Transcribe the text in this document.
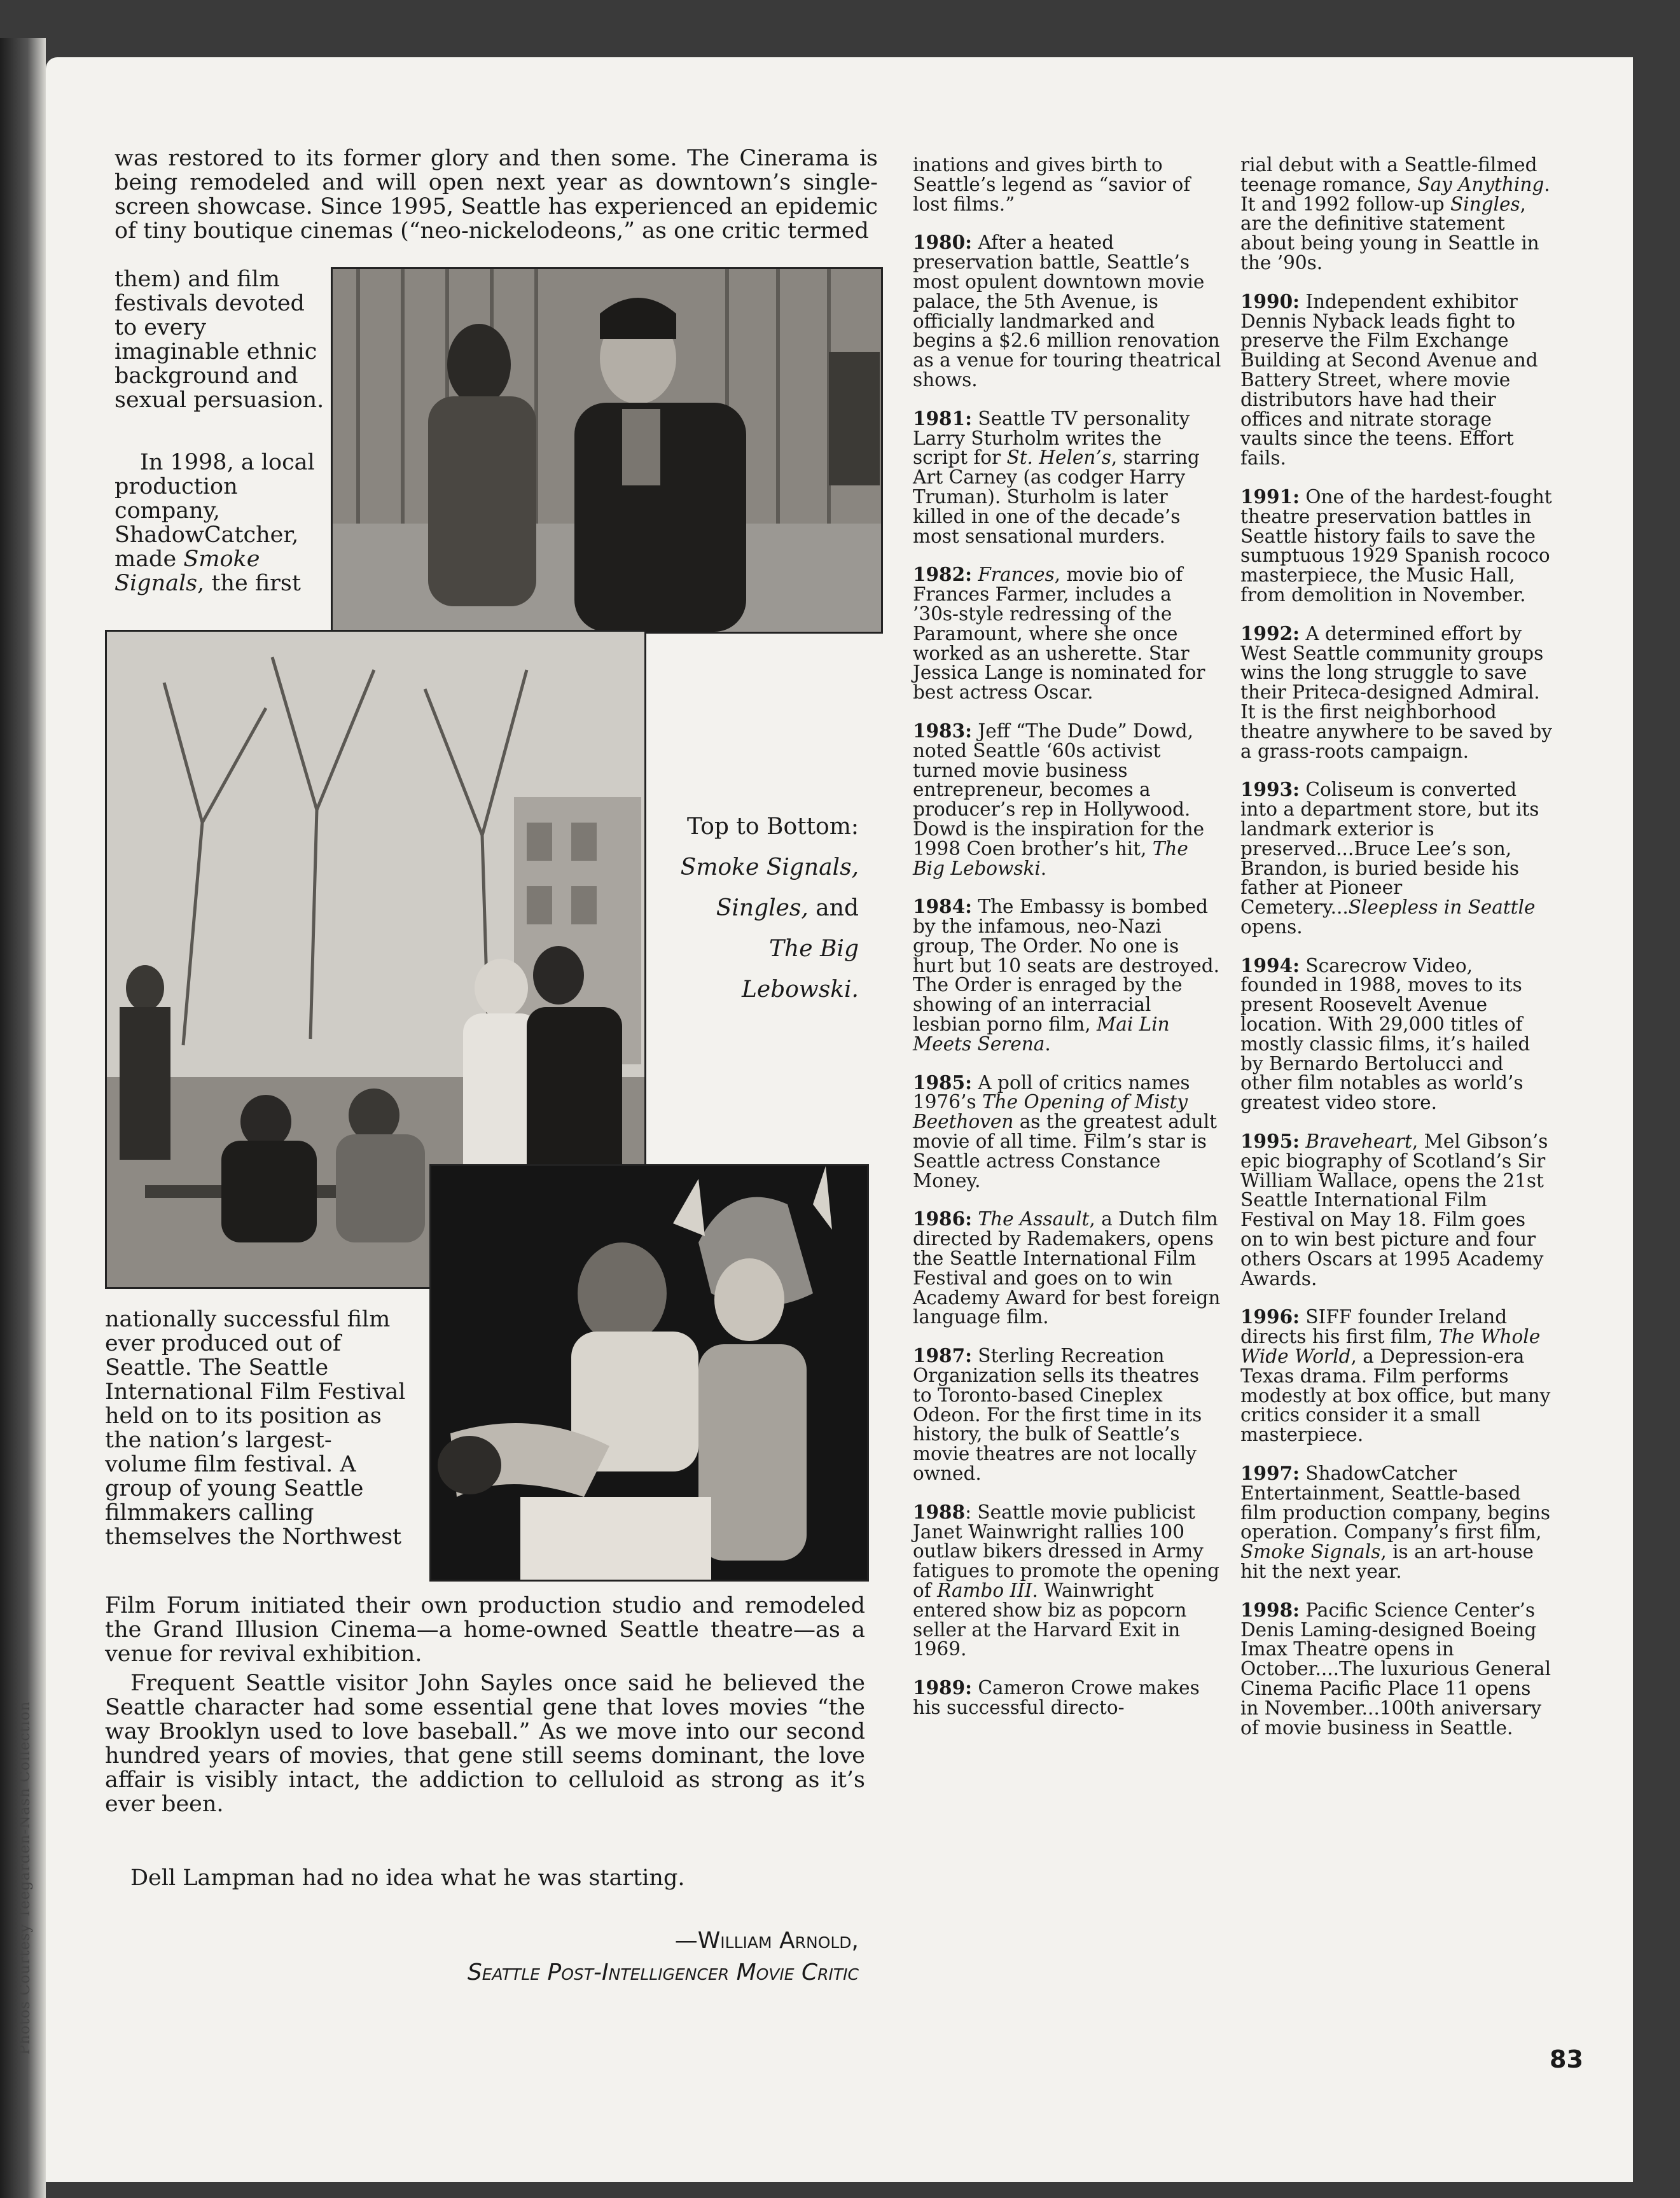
was restored to its former glory and then some. The Cinerama is being remodeled and will open next year as downtown’s single-screen showcase. Since 1995, Seattle has experienced an epidemic of tiny boutique cinemas (“neo-nickelodeons,” as one critic termed
them) and film festivals devoted to every imaginable ethnic background and sexual persuasion.

In 1998, a local production company, ShadowCatcher, made Smoke Signals, the first

Top to Bottom:
Smoke Signals,
Singles, and
The Big
Lebowski.
nationally successful film ever produced out of Seattle. The Seattle International Film Festival held on to its position as the nation’s largest-volume film festival. A group of young Seattle filmmakers calling themselves the Northwest
Film Forum initiated their own production studio and remodeled the Grand Illusion Cinema—a home-owned Seattle theatre—as a venue for revival exhibition.

Frequent Seattle visitor John Sayles once said he believed the Seattle character had some essential gene that loves movies “the way Brooklyn used to love baseball.” As we move into our second hundred years of movies, that gene still seems dominant, the love affair is visibly intact, the addiction to celluloid as strong as it’s ever been.

Dell Lampman had no idea what he was starting.

—William Arnold,
Seattle Post-Intelligencer Movie Critic

inations and gives birth to Seattle’s legend as “savior of lost films.”

1980: After a heated preservation battle, Seattle’s most opulent downtown movie palace, the 5th Avenue, is officially landmarked and begins a $2.6 million renovation as a venue for touring theatrical shows.

1981: Seattle TV personality Larry Sturholm writes the script for St. Helen’s, starring Art Carney (as codger Harry Truman). Sturholm is later killed in one of the decade’s most sensational murders.

1982: Frances, movie bio of Frances Farmer, includes a ’30s-style redressing of the Paramount, where she once worked as an usherette. Star Jessica Lange is nominated for best actress Oscar.

1983: Jeff “The Dude” Dowd, noted Seattle ‘60s activist turned movie business entrepreneur, becomes a producer’s rep in Hollywood. Dowd is the inspiration for the 1998 Coen brother’s hit, The Big Lebowski.

1984: The Embassy is bombed by the infamous, neo-Nazi group, The Order. No one is hurt but 10 seats are destroyed. The Order is enraged by the showing of an interracial lesbian porno film, Mai Lin Meets Serena.

1985: A poll of critics names 1976’s The Opening of Misty Beethoven as the greatest adult movie of all time. Film’s star is Seattle actress Constance Money.

1986: The Assault, a Dutch film directed by Rademakers, opens the Seattle International Film Festival and goes on to win Academy Award for best foreign language film.

1987: Sterling Recreation Organization sells its theatres to Toronto-based Cineplex Odeon. For the first time in its history, the bulk of Seattle’s movie theatres are not locally owned.

1988: Seattle movie publicist Janet Wainwright rallies 100 outlaw bikers dressed in Army fatigues to promote the opening of Rambo III. Wainwright entered show biz as popcorn seller at the Harvard Exit in 1969.

1989: Cameron Crowe makes his successful directo-

rial debut with a Seattle-filmed teenage romance, Say Anything. It and 1992 follow-up Singles, are the definitive statement about being young in Seattle in the ’90s.

1990: Independent exhibitor Dennis Nyback leads fight to preserve the Film Exchange Building at Second Avenue and Battery Street, where movie distributors have had their offices and nitrate storage vaults since the teens. Effort fails.

1991: One of the hardest-fought theatre preservation battles in Seattle history fails to save the sumptuous 1929 Spanish rococo masterpiece, the Music Hall, from demolition in November.

1992: A determined effort by West Seattle community groups wins the long struggle to save their Priteca-designed Admiral. It is the first neighborhood theatre anywhere to be saved by a grass-roots campaign.

1993: Coliseum is converted into a department store, but its landmark exterior is preserved...Bruce Lee’s son, Brandon, is buried beside his father at Pioneer Cemetery...Sleepless in Seattle opens.

1994: Scarecrow Video, founded in 1988, moves to its present Roosevelt Avenue location. With 29,000 titles of mostly classic films, it’s hailed by Bernardo Bertolucci and other film notables as world’s greatest video store.

1995: Braveheart, Mel Gibson’s epic biography of Scotland’s Sir William Wallace, opens the 21st Seattle International Film Festival on May 18. Film goes on to win best picture and four others Oscars at 1995 Academy Awards.

1996: SIFF founder Ireland directs his first film, The Whole Wide World, a Depression-era Texas drama. Film performs modestly at box office, but many critics consider it a small masterpiece.

1997: ShadowCatcher Entertainment, Seattle-based film production company, begins operation. Company’s first film, Smoke Signals, is an art-house hit the next year.

1998: Pacific Science Center’s Denis Laming-designed Boeing Imax Theatre opens in October....The luxurious General Cinema Pacific Place 11 opens in November...100th aniversary of movie business in Seattle.

Photos Courtesy Teegarden-Nash Collection
83
